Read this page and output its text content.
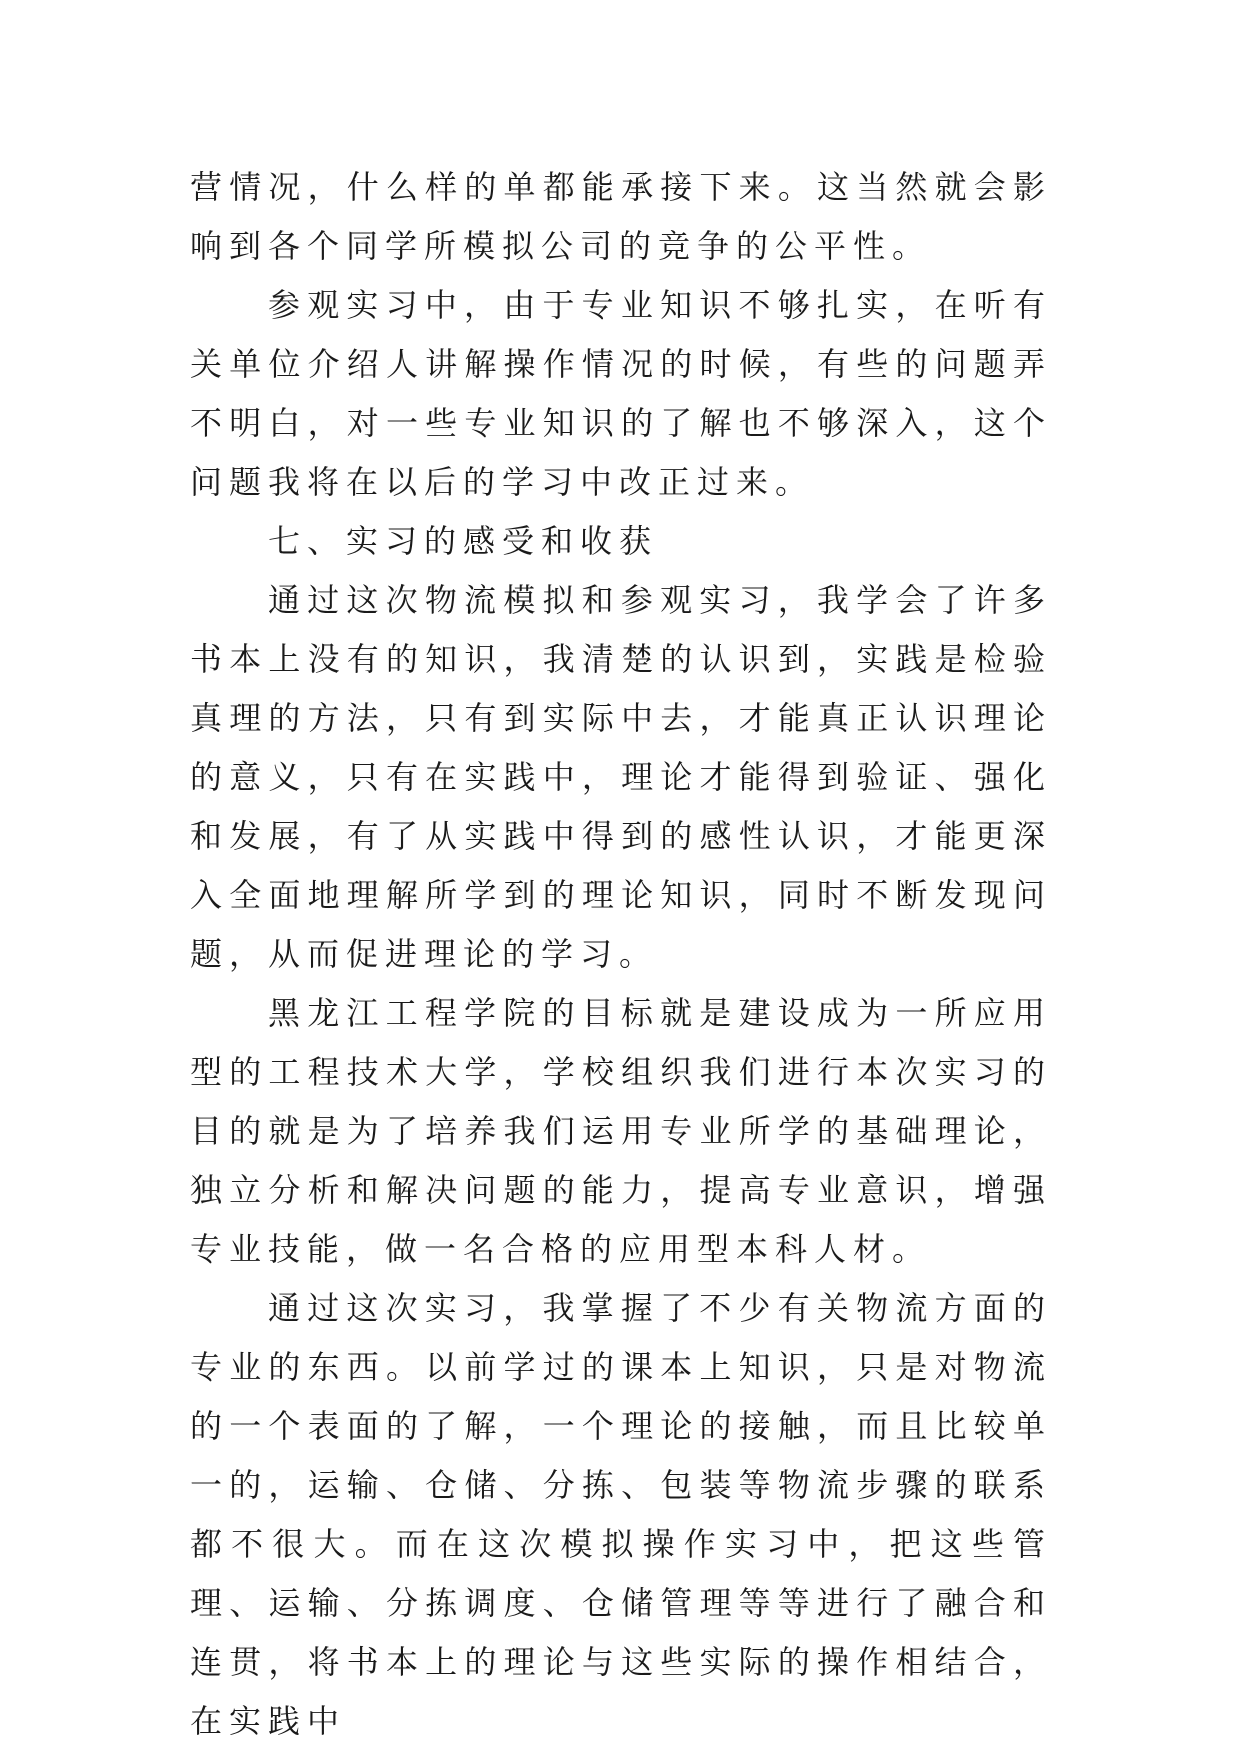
营情况，什么样的单都能承接下来。这当然就会影响到各个同学所模拟公司的竞争的公平性。

参观实习中，由于专业知识不够扎实，在听有关单位介绍人讲解操作情况的时候，有些的问题弄不明白，对一些专业知识的了解也不够深入，这个问题我将在以后的学习中改正过来。

七、实习的感受和收获

通过这次物流模拟和参观实习，我学会了许多书本上没有的知识，我清楚的认识到，实践是检验真理的方法，只有到实际中去，才能真正认识理论的意义，只有在实践中，理论才能得到验证、强化和发展，有了从实践中得到的感性认识，才能更深入全面地理解所学到的理论知识，同时不断发现问题，从而促进理论的学习。

黑龙江工程学院的目标就是建设成为一所应用型的工程技术大学，学校组织我们进行本次实习的目的就是为了培养我们运用专业所学的基础理论，独立分析和解决问题的能力，提高专业意识，增强专业技能，做一名合格的应用型本科人材。

通过这次实习，我掌握了不少有关物流方面的专业的东西。以前学过的课本上知识，只是对物流的一个表面的了解，一个理论的接触，而且比较单一的，运输、仓储、分拣、包装等物流步骤的联系都不很大。而在这次模拟操作实习中，把这些管理、运输、分拣调度、仓储管理等等进行了融合和连贯，将书本上的理论与这些实际的操作相结合，在实践中
